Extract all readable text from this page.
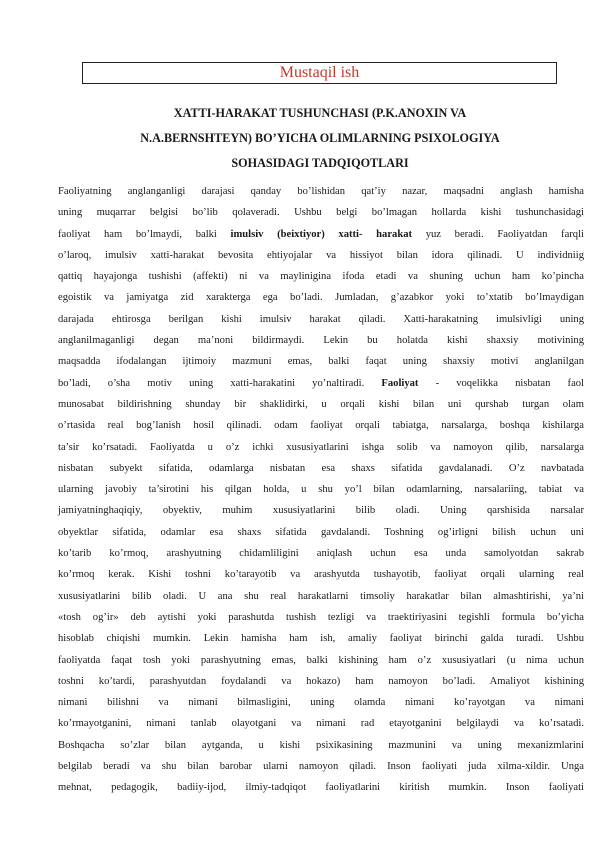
Mustaqil ish
XATTI-HARAKAT TUSHUNCHASI (P.K.ANOXIN VA
N.A.BERNSHTEYN) BO’YICHA OLIMLARNING PSIXOLOGIYA
SOHASIDAGI TADQIQOTLARI
Faoliyatning anglanganligi darajasi qanday bo’lishidan qat’iy nazar, maqsadni anglash hamisha
uning muqarrar belgisi bo’lib qolaveradi. Ushbu belgi bo’lmagan hollarda kishi tushunchasidagi
faoliyat ham bo’lmaydi, balki imulsiv (beixtiyor) xatti- harakat yuz beradi. Faoliyatdan farqli
o’laroq, imulsiv xatti-harakat bevosita ehtiyojalar va hissiyot bilan idora qilinadi. U individniig
qattiq hayajonga tushishi (affekti) ni va maylinigina ifoda etadi va shuning uchun ham ko’pincha
egoistik va jamiyatga zid xarakterga ega bo’ladi. Jumladan, g’azabkor yoki to’xtatib bo’lmaydigan
darajada ehtirosga berilgan kishi imulsiv harakat qiladi. Xatti-harakatning imulsivligi uning
anglanilmaganligi degan ma’noni bildirmaydi. Lekin bu holatda kishi shaxsiy motivining
maqsadda ifodalangan ijtimoiy mazmuni emas, balki faqat uning shaxsiy motivi anglanilgan
bo’ladi, o’sha motiv uning xatti-harakatini yo’naltiradi. Faoliyat - voqelikka nisbatan faol
munosabat bildirishning shunday bir shaklidirki, u orqali kishi bilan uni qurshab turgan olam
o’rtasida real bog’lanish hosil qilinadi. odam faoliyat orqali tabiatga, narsalarga, boshqa kishilarga
ta’sir ko’rsatadi. Faoliyatda u o’z ichki xususiyatlarini ishga solib va namoyon qilib, narsalarga
nisbatan subyekt sifatida, odamlarga nisbatan esa shaxs sifatida gavdalanadi. O’z navbatada
ularning javobiy ta’sirotini his qilgan holda, u shu yo’l bilan odamlarning, narsalariing, tabiat va
jamiyatninghaqiqiy, obyektiv, muhim xususiyatlarini bilib oladi. Uning qarshisida narsalar
obyektlar sifatida, odamlar esa shaxs sifatida gavdalandi. Toshning og’irligni bilish uchun uni
ko’tarib ko’rmoq, arashyutning chidamliligini aniqlash uchun esa unda samolyotdan sakrab
ko’rmoq kerak. Kishi toshni ko’tarayotib va arashyutda tushayotib, faoliyat orqali ularning real
xususiyatlarini bilib oladi. U ana shu real harakatlarni timsoliy harakatlar bilan almashtirishi, ya’ni
«tosh og’ir» deb aytishi yoki parashutda tushish tezligi va traektiriyasini tegishli formula bo’yicha
hisoblab chiqishi mumkin. Lekin hamisha ham ish, amaliy faoliyat birinchi galda turadi. Ushbu
faoliyatda faqat tosh yoki parashyutning emas, balki kishining ham o’z xususiyatlari (u nima uchun
toshni ko’tardi, parashyutdan foydalandi va hokazo) ham namoyon bo’ladi. Amaliyot kishining
nimani bilishni va nimani bilmasligini, uning olamda nimani ko’rayotgan va nimani
ko’rmayotganini, nimani tanlab olayotgani va nimani rad etayotganini belgilaydi va ko’rsatadi.
Boshqacha so’zlar bilan aytganda, u kishi psixikasining mazmunini va uning mexanizmlarini
belgilab beradi va shu bilan barobar ularni namoyon qiladi. Inson faoliyati juda xilma-xildir. Unga
mehnat, pedagogik, badiiy-ijod, ilmiy-tadqiqot faoliyatlarini kiritish mumkin. Inson faoliyati
